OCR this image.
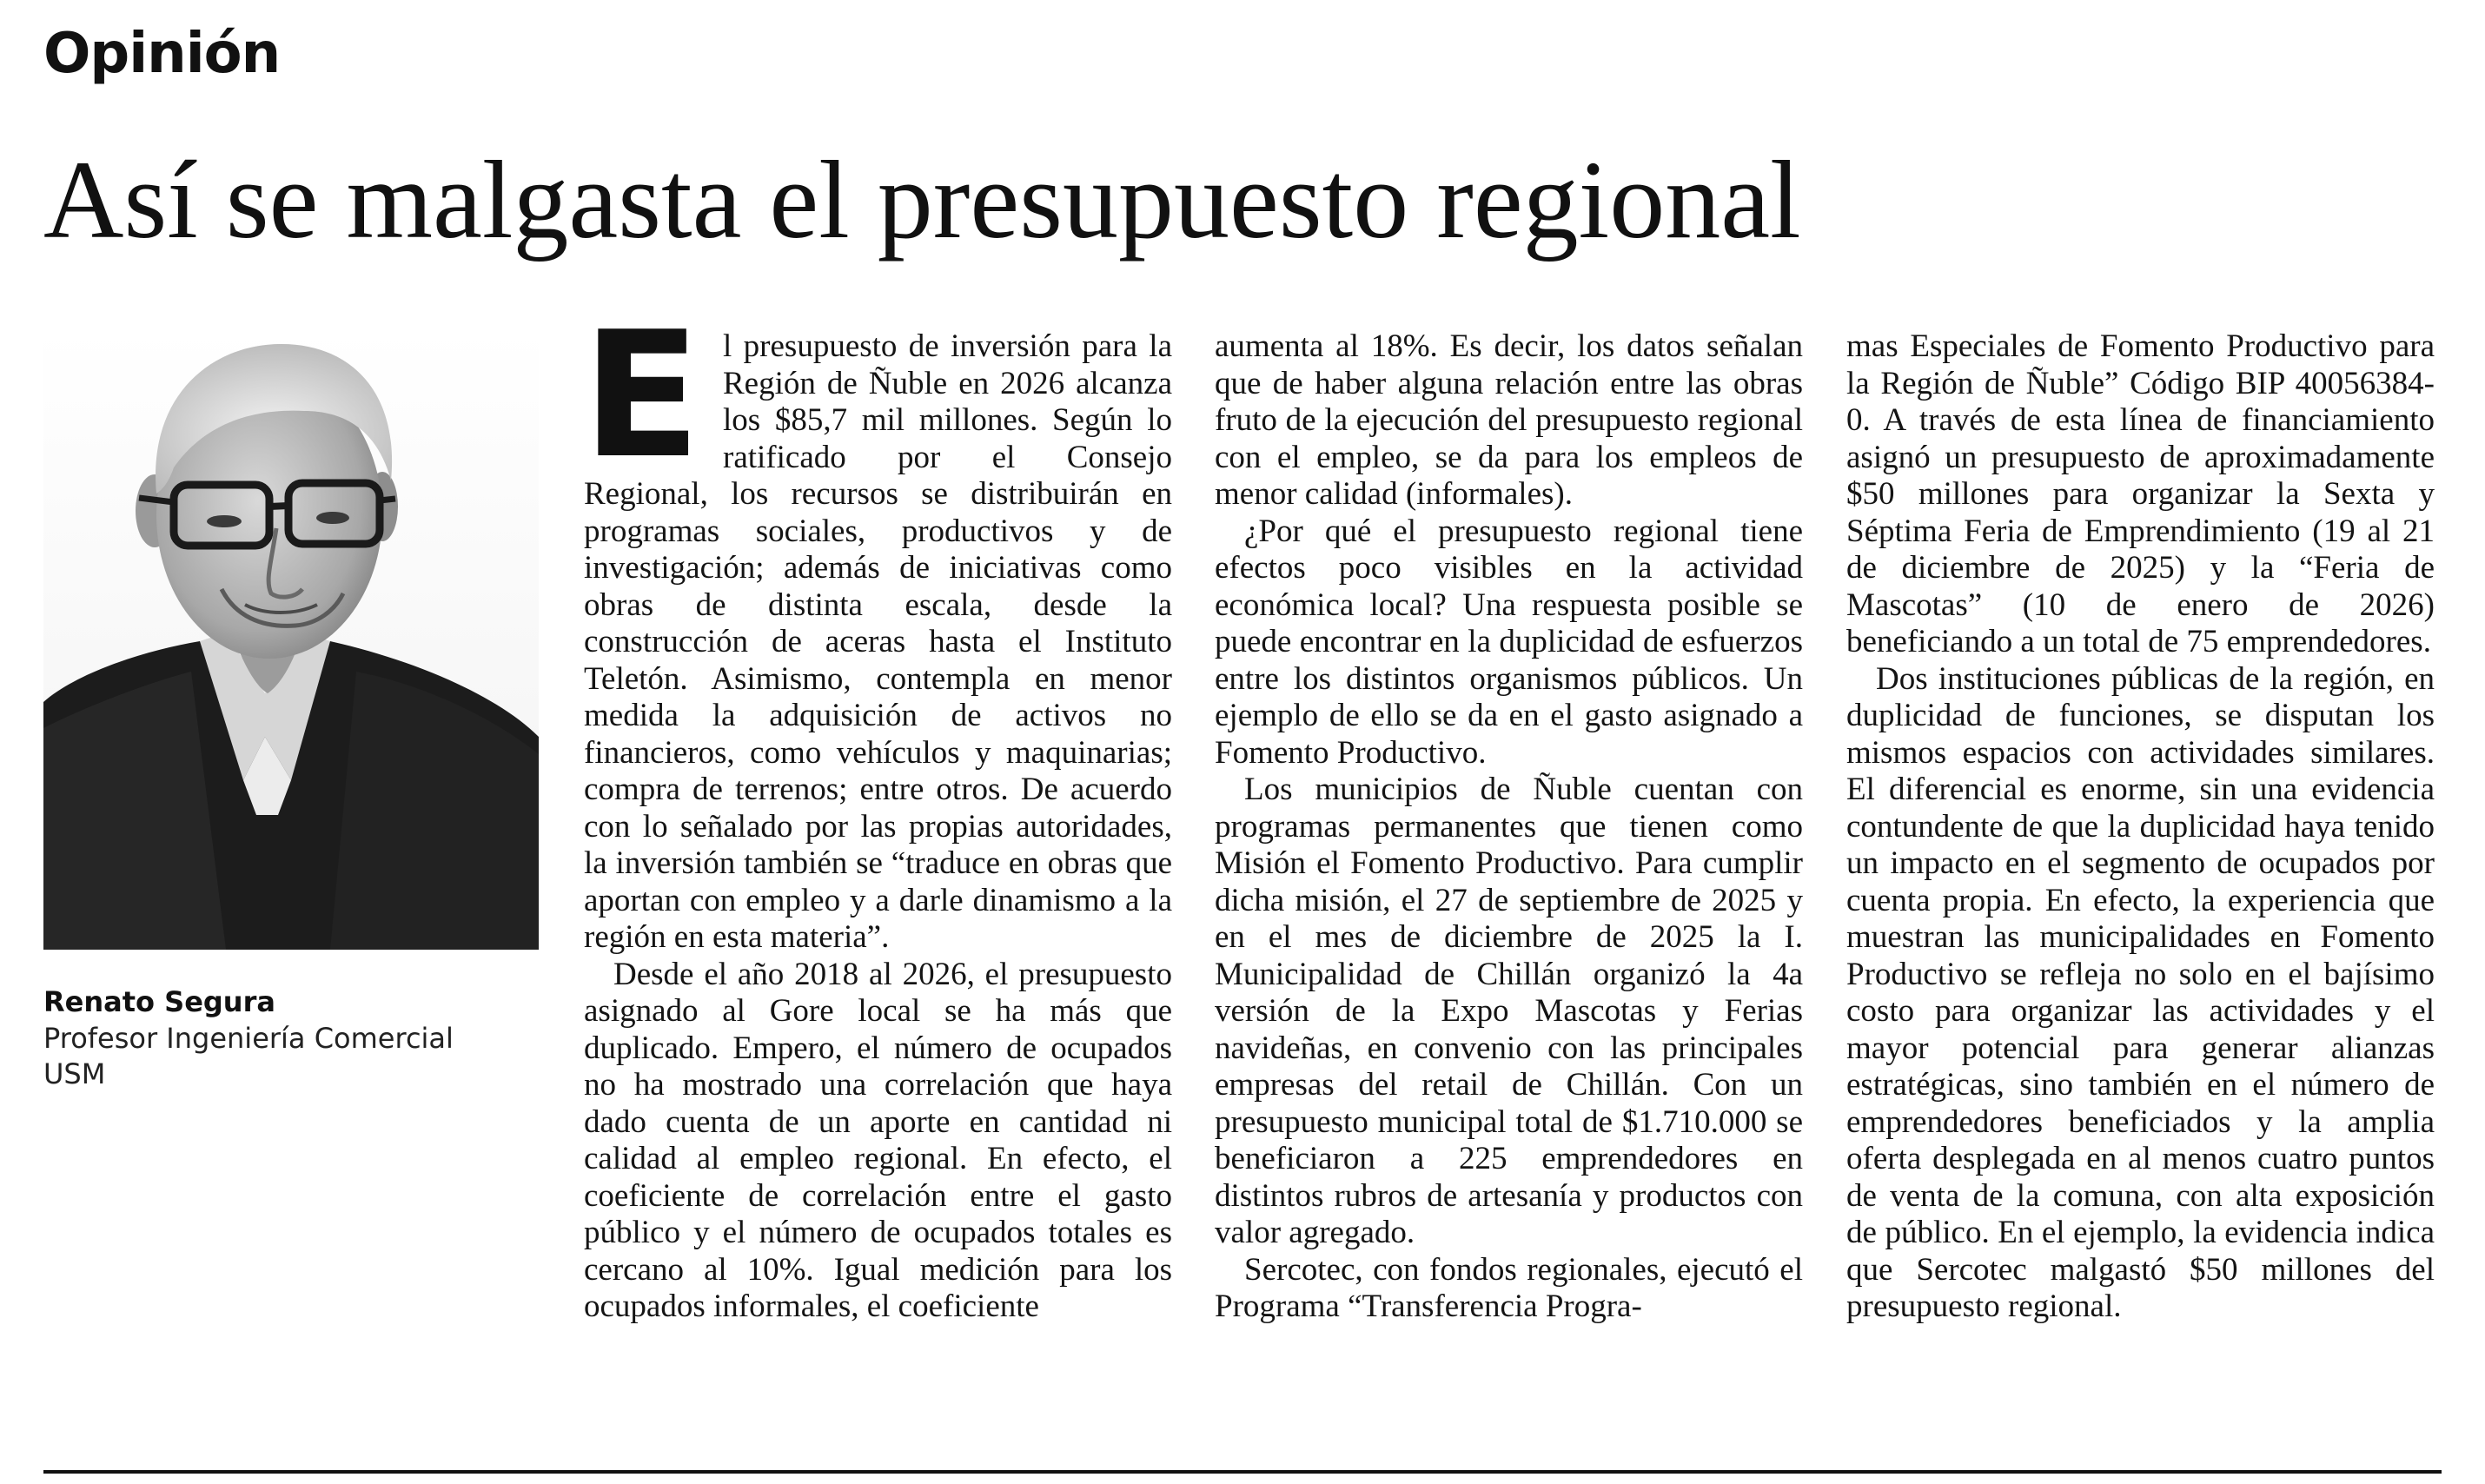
Opinión
Así se malgasta el presupuesto regional
Renato Segura
Profesor Ingeniería Comercial
USM
E l presupuesto de inversión para la Región de Ñuble en 2026 alcanza los $85,7 mil millones. Según lo ratificado por el Consejo Regional, los recursos se distribuirán en programas sociales, productivos y de investigación; además de iniciativas como obras de distinta escala, desde la construcción de aceras hasta el Instituto Teletón. Asimismo, contempla en menor medida la adquisición de activos no financieros, como vehículos y maquinarias; compra de terrenos; entre otros. De acuerdo con lo señalado por las propias autoridades, la inversión también se “traduce en obras que aportan con empleo y a darle dinamismo a la región en esta materia”.

Desde el año 2018 al 2026, el presupuesto asignado al Gore local se ha más que duplicado. Empero, el número de ocupados no ha mostrado una correlación que haya dado cuenta de un aporte en cantidad ni calidad al empleo regional. En efecto, el coeficiente de correlación entre el gasto público y el número de ocupados totales es cercano al 10%. Igual medición para los ocupados informales, el coeficiente

aumenta al 18%. Es decir, los datos señalan que de haber alguna relación entre las obras fruto de la ejecución del presupuesto regional con el empleo, se da para los empleos de menor calidad (informales).

¿Por qué el presupuesto regional tiene efectos poco visibles en la actividad económica local? Una respuesta posible se puede encontrar en la duplicidad de esfuerzos entre los distintos organismos públicos. Un ejemplo de ello se da en el gasto asignado a Fomento Productivo.

Los municipios de Ñuble cuentan con programas permanentes que tienen como Misión el Fomento Productivo. Para cumplir dicha misión, el 27 de septiembre de 2025 y en el mes de diciembre de 2025 la I. Municipalidad de Chillán organizó la 4a versión de la Expo Mascotas y Ferias navideñas, en convenio con las principales empresas del retail de Chillán. Con un presupuesto municipal total de $1.710.000 se beneficiaron a 225 emprendedores en distintos rubros de artesanía y productos con valor agregado.

Sercotec, con fondos regionales, ejecutó el Programa “Transferencia Progra-

mas Especiales de Fomento Productivo para la Región de Ñuble” Código BIP 40056384-0. A través de esta línea de financiamiento asignó un presupuesto de aproximadamente $50 millones para organizar la Sexta y Séptima Feria de Emprendimiento (19 al 21 de diciembre de 2025) y la “Feria de Mascotas” (10 de enero de 2026) beneficiando a un total de 75 emprendedores.

Dos instituciones públicas de la región, en duplicidad de funciones, se disputan los mismos espacios con actividades similares. El diferencial es enorme, sin una evidencia contundente de que la duplicidad haya tenido un impacto en el segmento de ocupados por cuenta propia. En efecto, la experiencia que muestran las municipalidades en Fomento Productivo se refleja no solo en el bajísimo costo para organizar las actividades y el mayor potencial para generar alianzas estratégicas, sino también en el número de emprendedores beneficiados y la amplia oferta desplegada en al menos cuatro puntos de venta de la comuna, con alta exposición de público. En el ejemplo, la evidencia indica que Sercotec malgastó $50 millones del presupuesto regional.
